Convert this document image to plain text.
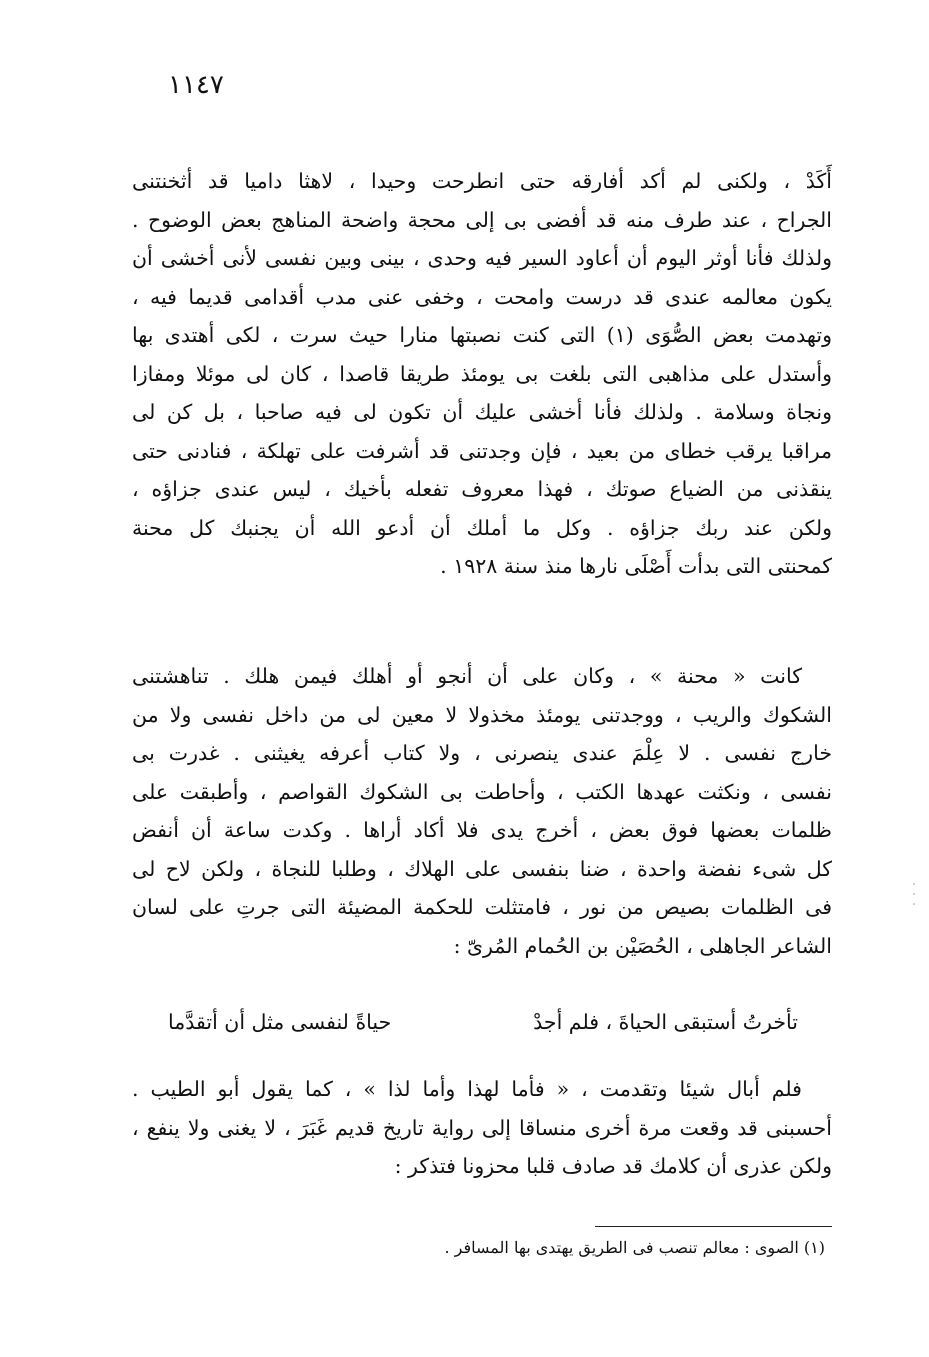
١١٤٧
أَكَدْ ، ولكنى لم أكد أفارقه حتى انطرحت وحيدا ، لاهثا داميا قد أثخنتنى
الجراح ، عند طرف منه قد أفضى بى إلى محجة واضحة المناهج بعض الوضوح .
ولذلك فأنا أوثر اليوم أن أعاود السير فيه وحدى ، بينى وبين نفسى لأنى أخشى أن
يكون معالمه عندى قد درست وامحت ، وخفى عنى مدب أقدامى قديما فيه ،
وتهدمت بعض الصُّوَى (١) التى كنت نصبتها منارا حيث سرت ، لكى أهتدى بها
وأستدل على مذاهبى التى بلغت بى يومئذ طريقا قاصدا ، كان لى موئلا ومفازا
ونجاة وسلامة . ولذلك فأنا أخشى عليك أن تكون لى فيه صاحبا ، بل كن لى
مراقبا يرقب خطاى من بعيد ، فإن وجدتنى قد أشرفت على تهلكة ، فنادنى حتى
ينقذنى من الضياع صوتك ، فهذا معروف تفعله بأخيك ، ليس عندى جزاؤه ،
ولكن عند ربك جزاؤه . وكل ما أملك أن أدعو الله أن يجنبك كل محنة
كمحنتى التى بدأت أَصْلَى نارها منذ سنة ١٩٢٨ .
كانت « محنة » ، وكان على أن أنجو أو أهلك فيمن هلك . تناهشتنى
الشكوك والريب ، ووجدتنى يومئذ مخذولا لا معين لى من داخل نفسى ولا من
خارج نفسى . لا عِلْمَ عندى ينصرنى ، ولا كتاب أعرفه يغيثنى . غدرت بى
نفسى ، ونكثت عهدها الكتب ، وأحاطت بى الشكوك القواصم ، وأطبقت على
ظلمات بعضها فوق بعض ، أخرج يدى فلا أكاد أراها . وكدت ساعة أن أنفض
كل شىء نفضة واحدة ، ضنا بنفسى على الهلاك ، وطلبا للنجاة ، ولكن لاح لى
فى الظلمات بصيص من نور ، فامتثلت للحكمة المضيئة التى جرتِ على لسان
الشاعر الجاهلى ، الحُصَيْن بن الحُمام المُرىّ :
تأخرتُ أستبقى الحياةَ ، فلم أجدْ
حياةً لنفسى مثل أن أتقدَّما
فلم أبال شيئا وتقدمت ، « فأما لهذا وأما لذا » ، كما يقول أبو الطيب .
أحسبنى قد وقعت مرة أخرى منساقا إلى رواية تاريخ قديم غَبَرَ ، لا يغنى ولا ينفع ،
ولكن عذرى أن كلامك قد صادف قلبا محزونا فتذكر :
(١) الصوى : معالم تنصب فى الطريق يهتدى بها المسافر .
